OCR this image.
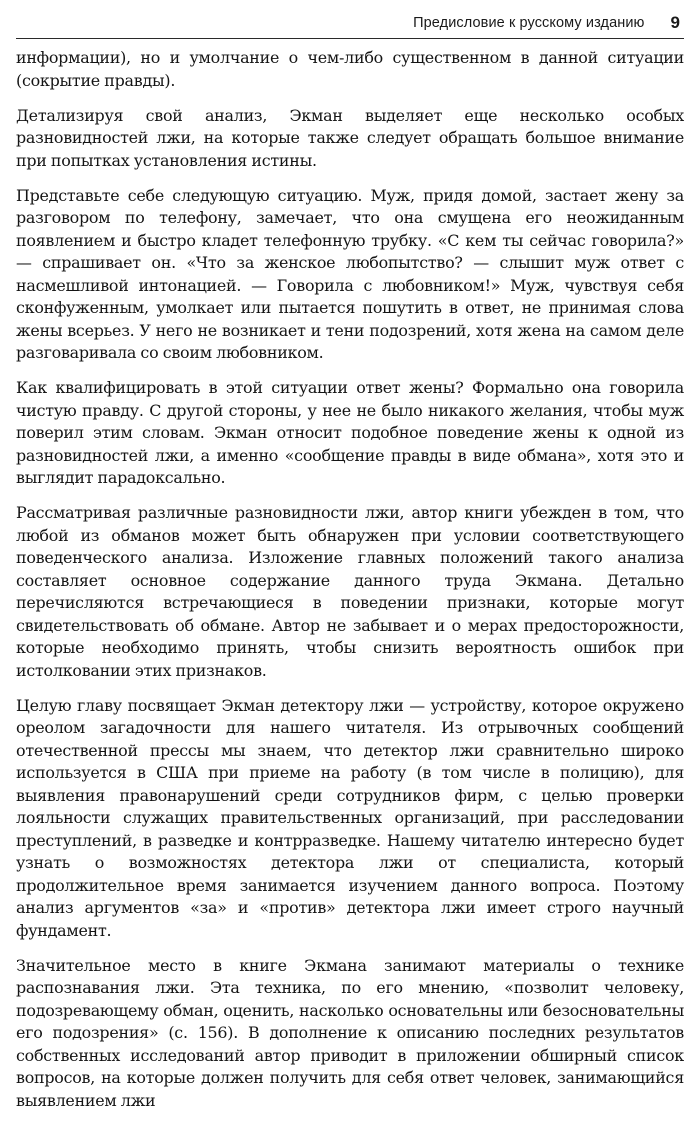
Предисловие к русскому изданию 9

информации), но и умолчание о чем-либо существенном в данной ситуации (сокрытие правды).

Детализируя свой анализ, Экман выделяет еще несколько особых разновидностей лжи, на которые также следует обращать большое внимание при попытках установления истины.

Представьте себе следующую ситуацию. Муж, придя домой, застает жену за разговором по телефону, замечает, что она смущена его неожиданным появлением и быстро кладет телефонную трубку. «С кем ты сейчас говорила?» — спрашивает он. «Что за женское любопытство? — слышит муж ответ с насмешливой интонацией. — Говорила с любовником!» Муж, чувствуя себя сконфуженным, умолкает или пытается пошутить в ответ, не принимая слова жены всерьез. У него не возникает и тени подозрений, хотя жена на самом деле разговаривала со своим любовником.

Как квалифицировать в этой ситуации ответ жены? Формально она говорила чистую правду. С другой стороны, у нее не было никакого желания, чтобы муж поверил этим словам. Экман относит подобное поведение жены к одной из разновидностей лжи, а именно «сообщение правды в виде обмана», хотя это и выглядит парадоксально.

Рассматривая различные разновидности лжи, автор книги убежден в том, что любой из обманов может быть обнаружен при условии соответствующего поведенческого анализа. Изложение главных положений такого анализа составляет основное содержание данного труда Экмана. Детально перечисляются встречающиеся в поведении признаки, которые могут свидетельствовать об обмане. Автор не забывает и о мерах предосторожности, которые необходимо принять, чтобы снизить вероятность ошибок при истолковании этих признаков.

Целую главу посвящает Экман детектору лжи — устройству, которое окружено ореолом загадочности для нашего читателя. Из отрывочных сообщений отечественной прессы мы знаем, что детектор лжи сравнительно широко используется в США при приеме на работу (в том числе в полицию), для выявления правонарушений среди сотрудников фирм, с целью проверки лояльности служащих правительственных организаций, при расследовании преступлений, в разведке и контрразведке. Нашему читателю интересно будет узнать о возможностях детектора лжи от специалиста, который продолжительное время занимается изучением данного вопроса. Поэтому анализ аргументов «за» и «против» детектора лжи имеет строго научный фундамент.

Значительное место в книге Экмана занимают материалы о технике распознавания лжи. Эта техника, по его мнению, «позволит человеку, подозревающему обман, оценить, насколько основательны или безосновательны его подозрения» (с. 156). В дополнение к описанию последних результатов собственных исследований автор приводит в приложении обширный список вопросов, на которые должен получить для себя ответ человек, занимающийся выявлением лжи
